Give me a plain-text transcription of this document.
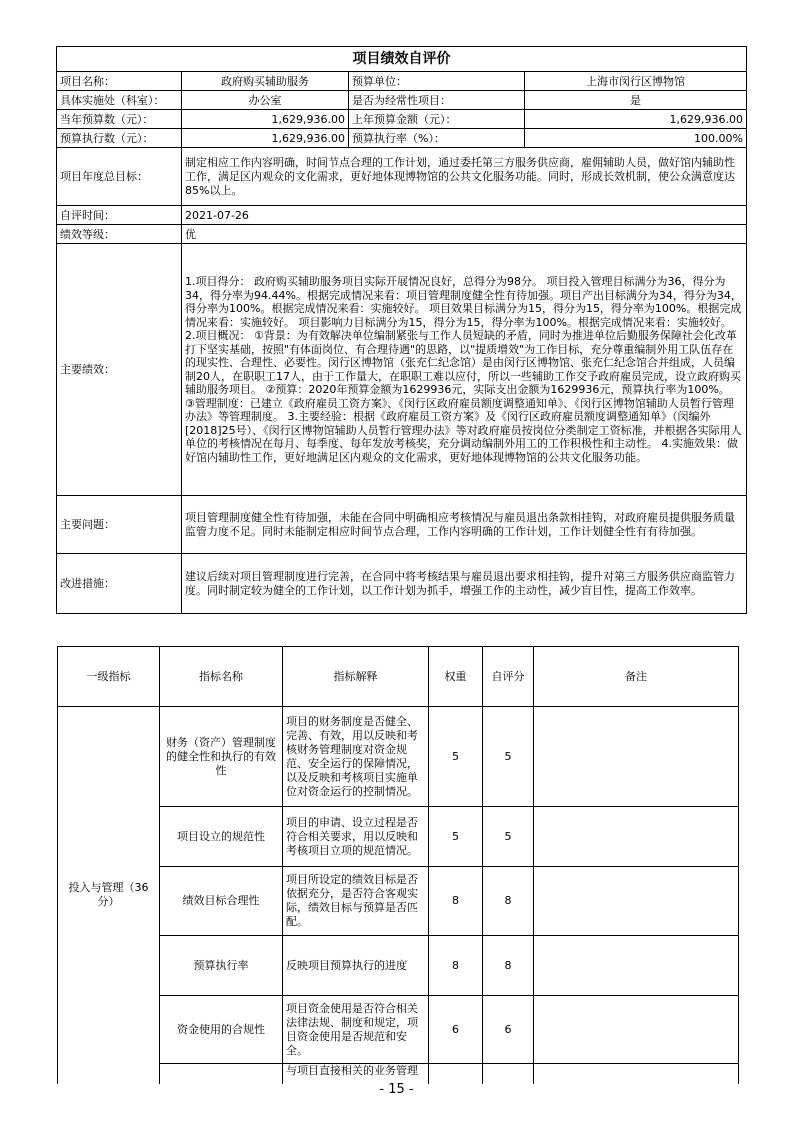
项目绩效自评价			
项目名称：	政府购买辅助服务	预算单位：	上海市闵行区博物馆
具体实施处（科室）：	办公室	是否为经常性项目：	是
当年预算数（元）：	1,629,936.00	上年预算金额（元）：	1,629,936.00
预算执行数（元）：	1,629,936.00	预算执行率（%）：	100.00%
项目年度总目标：	制定相应工作内容明确，时间节点合理的工作计划，通过委托第三方服务供应商，雇佣辅助人员，做好馆内辅助性工作，满足区内观众的文化需求，更好地体现博物馆的公共文化服务功能。同时，形成长效机制，使公众满意度达85%以上。		
自评时间：	2021-07-26		
绩效等级：	优		
主要绩效：	1.项目得分： 政府购买辅助服务项目实际开展情况良好，总得分为98分。 项目投入管理目标满分为36，得分为34，得分率为94.44%。根据完成情况来看：项目管理制度健全性有待加强。项目产出目标满分为34，得分为34，得分率为100%。根据完成情况来看：实施较好。 项目效果目标满分为15，得分为15，得分率为100%。根据完成情况来看：实施较好。 项目影响力目标满分为15，得分为15，得分率为100%。根据完成情况来看：实施较好。 2.项目概况： ①背景：为有效解决单位编制紧张与工作人员短缺的矛盾，同时为推进单位后勤服务保障社会化改革打下坚实基础，按照"有体面岗位、有合理待遇"的思路，以"提质增效"为工作目标，充分尊重编制外用工队伍存在的现实性、合理性、必要性。闵行区博物馆（张充仁纪念馆）是由闵行区博物馆、张充仁纪念馆合并组成，人员编制20人，在职职工17人，由于工作量大，在职职工难以应付，所以一些辅助工作交予政府雇员完成，设立政府购买辅助服务项目。 ②预算：2020年预算金额为1629936元，实际支出金额为1629936元，预算执行率为100%。 ③管理制度：已建立《政府雇员工资方案》、《闵行区政府雇员额度调整通知单》、《闵行区博物馆辅助人员暂行管理办法》等管理制度。 3.主要经验：根据《政府雇员工资方案》及《闵行区政府雇员额度调整通知单》（闵编外[2018]25号）、《闵行区博物馆辅助人员暂行管理办法》等对政府雇员按岗位分类制定工资标准，并根据各实际用人单位的考核情况在每月、每季度、每年发放考核奖，充分调动编制外用工的工作积极性和主动性。 4.实施效果：做好馆内辅助性工作，更好地满足区内观众的文化需求，更好地体现博物馆的公共文化服务功能。		
主要问题：	项目管理制度健全性有待加强，未能在合同中明确相应考核情况与雇员退出条款相挂钩，对政府雇员提供服务质量监管力度不足。同时未能制定相应时间节点合理，工作内容明确的工作计划，工作计划健全性有有待加强。		
改进措施：	建议后续对项目管理制度进行完善，在合同中将考核结果与雇员退出要求相挂钩，提升对第三方服务供应商监管力度。同时制定较为健全的工作计划，以工作计划为抓手，增强工作的主动性，减少盲目性，提高工作效率。		
一级指标	指标名称	指标解释	权重	自评分	备注
投入与管理（36分）	财务（资产）管理制度的健全性和执行的有效性	项目的财务制度是否健全、完善、有效，用以反映和考核财务管理制度对资金规范、安全运行的保障情况，以及反映和考核项目实施单位对资金运行的控制情况。	5	5	
	项目设立的规范性	项目的申请、设立过程是否符合相关要求，用以反映和考核项目立项的规范情况。	5	5	
	绩效目标合理性	项目所设定的绩效目标是否依据充分，是否符合客观实际，绩效目标与预算是否匹配。	8	8	
	预算执行率	反映项目预算执行的进度	8	8	
	资金使用的合规性	项目资金使用是否符合相关法律法规、制度和规定，项目资金使用是否规范和安全。	6	6	
		与项目直接相关的业务管理			
- 15 -
